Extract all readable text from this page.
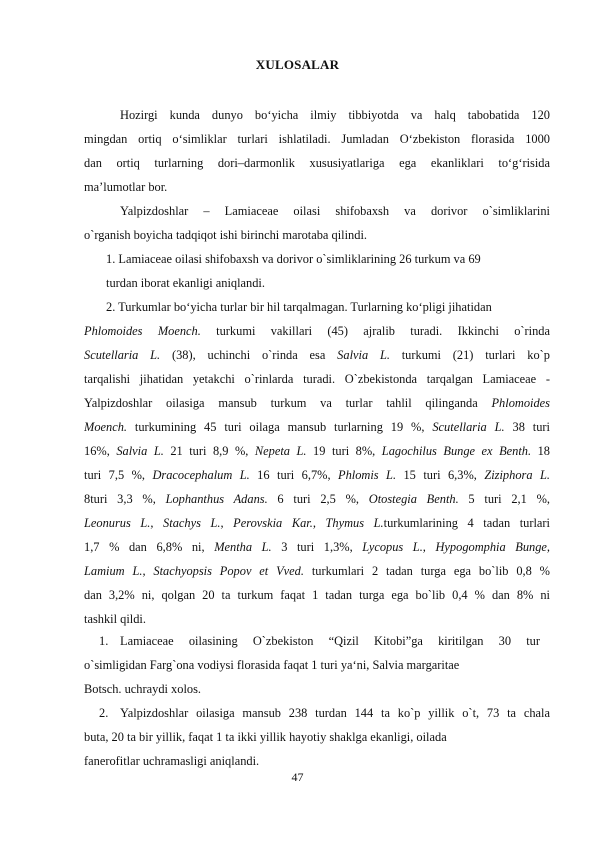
XULOSALAR
Hozirgi kunda dunyo bo‘yicha ilmiy tibbiyotda va halq tabobatida 120
mingdan ortiq o‘simliklar turlari ishlatiladi. Jumladan O‘zbekiston florasida 1000
dan ortiq turlarning dori–darmonlik xususiyatlariga ega ekanliklari to‘g‘risida
ma’lumotlar bor.
Yalpizdoshlar – Lamiaceae oilasi shifobaxsh va dorivor o`simliklarini
o`rganish boyicha tadqiqot ishi birinchi marotaba qilindi.
1. Lamiaceae oilasi shifobaxsh va dorivor o`simliklarining 26 turkum va 69
turdan iborat ekanligi aniqlandi.
2. Turkumlar bo‘yicha turlar bir hil tarqalmagan. Turlarning ko‘pligi jihatidan
Phlomoides Moench. turkumi vakillari (45) ajralib turadi. Ikkinchi o`rinda
Scutellaria L. (38), uchinchi o`rinda esa Salvia L. turkumi (21) turlari ko`p
tarqalishi jihatidan yetakchi o`rinlarda turadi. O`zbekistonda tarqalgan Lamiaceae -
Yalpizdoshlar oilasiga mansub turkum va turlar tahlil qilinganda Phlomoides
Moench. turkumining 45 turi oilaga mansub turlarning 19 %, Scutellaria L. 38 turi
16%, Salvia L. 21 turi 8,9 %, Nepeta L. 19 turi 8%, Lagochilus Bunge ex Benth. 18
turi 7,5 %, Dracocephalum L. 16 turi 6,7%, Phlomis L. 15 turi 6,3%, Ziziphora L.
8turi 3,3 %, Lophanthus Adans. 6 turi 2,5 %, Otostegia Benth. 5 turi 2,1 %,
Leonurus L., Stachys L., Perovskia Kar., Thymus L.turkumlarining 4 tadan turlari
1,7 % dan 6,8% ni, Mentha L. 3 turi 1,3%, Lycopus L., Hypogomphia Bunge,
Lamium L., Stachyopsis Popov et Vved. turkumlari 2 tadan turga ega bo`lib 0,8 %
dan 3,2% ni, qolgan 20 ta turkum faqat 1 tadan turga ega bo`lib 0,4 % dan 8% ni
tashkil qildi.
1. Lamiaceae oilasining O`zbekiston “Qizil Kitobi”ga kiritilgan 30 tur
o`simligidan Farg`ona vodiysi florasida faqat 1 turi ya‘ni, Salvia margaritae
Botsch. uchraydi xolos.
2. Yalpizdoshlar oilasiga mansub 238 turdan 144 ta ko`p yillik o`t, 73 ta chala
buta, 20 ta bir yillik, faqat 1 ta ikki yillik hayotiy shaklga ekanligi, oilada
fanerofitlar uchramasligi aniqlandi.
47
